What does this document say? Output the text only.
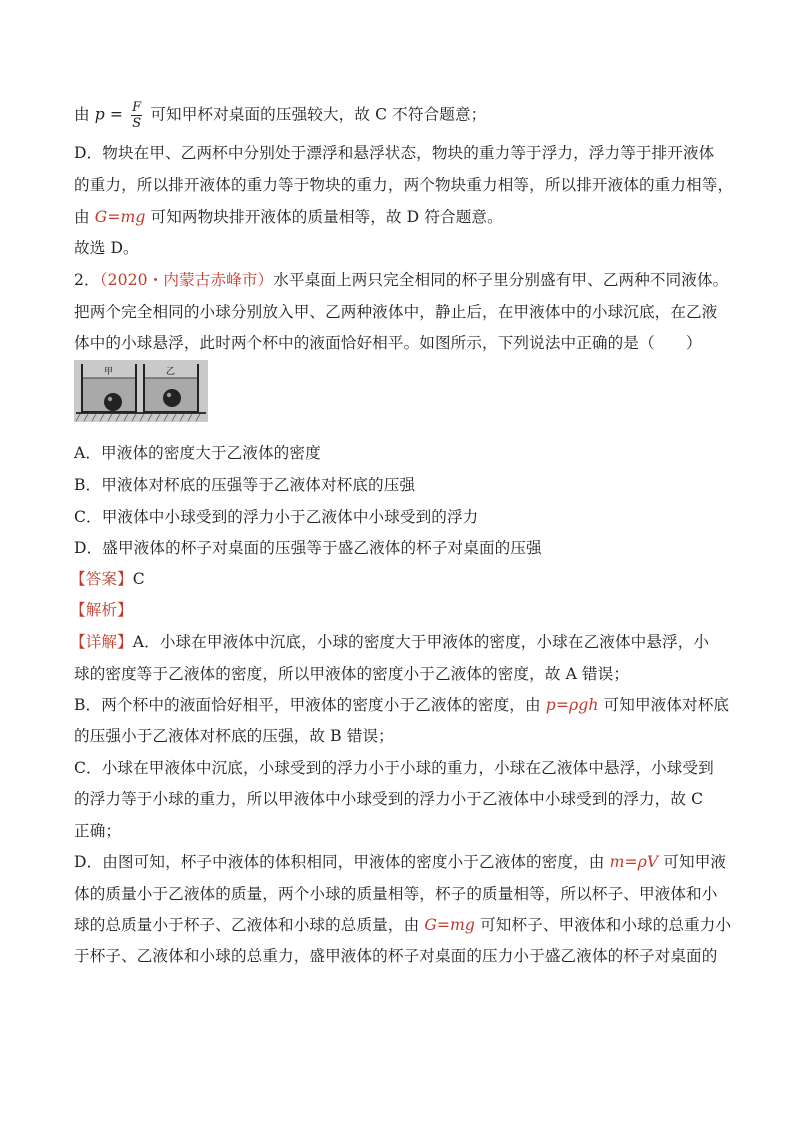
由 $p = \frac{F}{S}$ 可知甲杯对桌面的压强较大，故 C 不符合题意；
D．物块在甲、乙两杯中分别处于漂浮和悬浮状态，物块的重力等于浮力，浮力等于排开液体
的重力，所以排开液体的重力等于物块的重力，两个物块重力相等，所以排开液体的重力相等，
由 G=mg 可知两物块排开液体的质量相等，故 D 符合题意。
故选 D。
2．（2020・内蒙古赤峰市）水平桌面上两只完全相同的杯子里分别盛有甲、乙两种不同液体。
把两个完全相同的小球分别放入甲、乙两种液体中，静止后，在甲液体中的小球沉底，在乙液
体中的小球悬浮，此时两个杯中的液面恰好相平。如图所示，下列说法中正确的是（　　）
甲	乙
A．甲液体的密度大于乙液体的密度
B．甲液体对杯底的压强等于乙液体对杯底的压强
C．甲液体中小球受到的浮力小于乙液体中小球受到的浮力
D．盛甲液体的杯子对桌面的压强等于盛乙液体的杯子对桌面的压强
【答案】C
【解析】
【详解】A．小球在甲液体中沉底，小球的密度大于甲液体的密度，小球在乙液体中悬浮，小
球的密度等于乙液体的密度，所以甲液体的密度小于乙液体的密度，故 A 错误；
B．两个杯中的液面恰好相平，甲液体的密度小于乙液体的密度，由 p=ρgh 可知甲液体对杯底
的压强小于乙液体对杯底的压强，故 B 错误；
C．小球在甲液体中沉底，小球受到的浮力小于小球的重力，小球在乙液体中悬浮，小球受到
的浮力等于小球的重力，所以甲液体中小球受到的浮力小于乙液体中小球受到的浮力，故 C
正确；
D．由图可知，杯子中液体的体积相同，甲液体的密度小于乙液体的密度，由 m=ρV 可知甲液
体的质量小于乙液体的质量，两个小球的质量相等，杯子的质量相等，所以杯子、甲液体和小
球的总质量小于杯子、乙液体和小球的总质量，由 G=mg 可知杯子、甲液体和小球的总重力小
于杯子、乙液体和小球的总重力，盛甲液体的杯子对桌面的压力小于盛乙液体的杯子对桌面的
